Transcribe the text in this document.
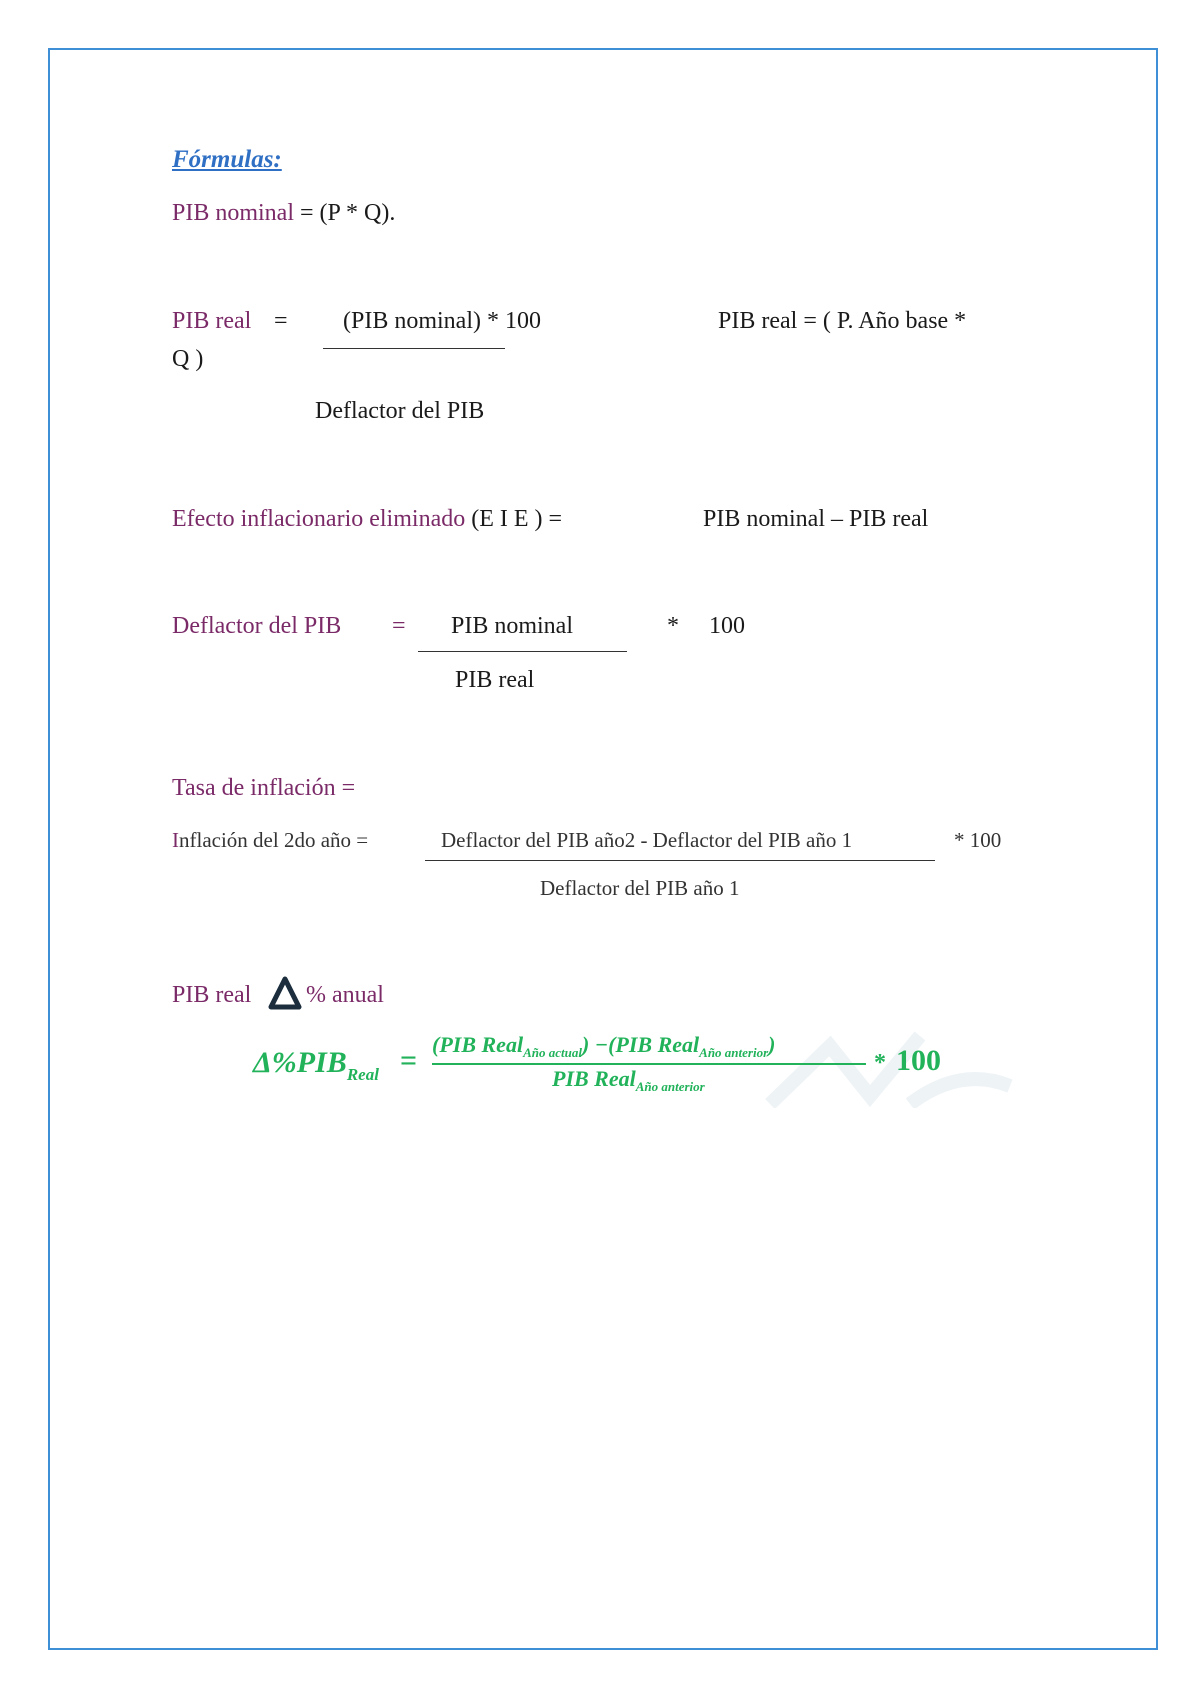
Fórmulas:
PIB nominal = (P * Q).
PIB real = (PIB nominal) * 100
Deflactor del PIB
PIB real = ( P. Año base *
Q )
Efecto inflacionario eliminado (E I E ) =	PIB nominal – PIB real
Deflactor del PIB = PIB nominal
PIB real
* 100
Tasa de inflación =
Inflación del 2do año =	Deflactor del PIB año2 - Deflactor del PIB año 1
Deflactor del PIB año 1
* 100
PIB real % anual
$\Delta\%PIB_{Real} = (PIB$ Real$_{Año actual}$) −(PIB Real$_{Año anterior}$)
PIB Real$_{Año anterior}$
* 100
